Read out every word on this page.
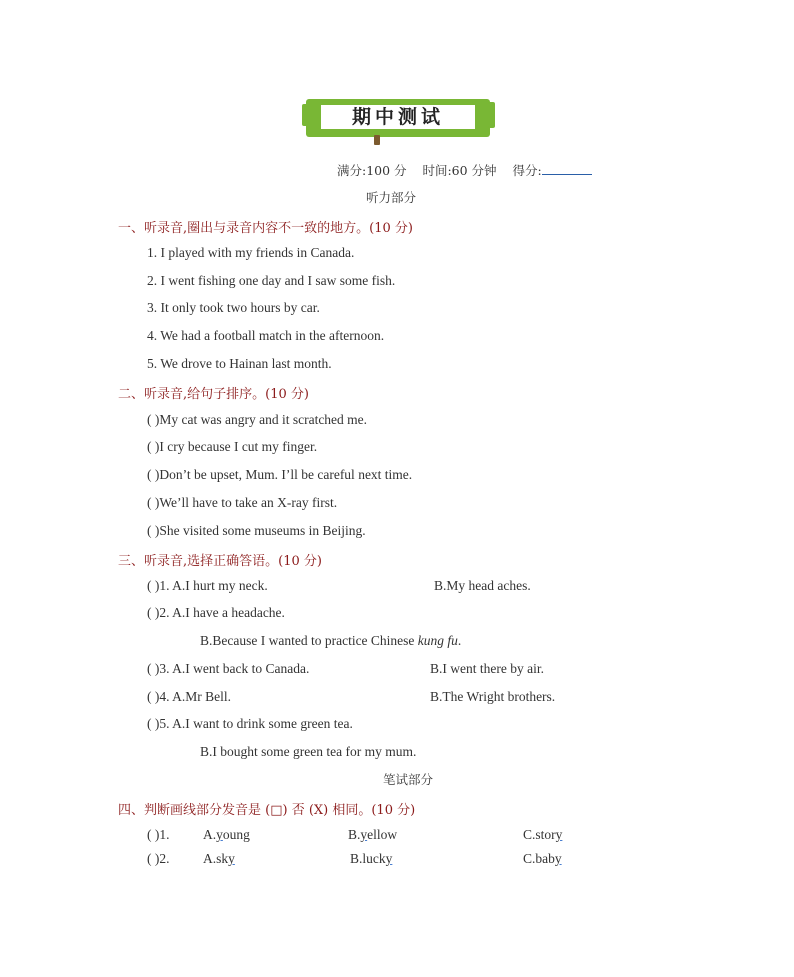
期中测试
满分:100 分 时间:60 分钟 得分:
听力部分
一、听录音,圈出与录音内容不一致的地方。(10 分)
1. I played with my friends in Canada.
2. I went fishing one day and I saw some fish.
3. It only took two hours by car.
4. We had a football match in the afternoon.
5. We drove to Hainan last month.
二、听录音,给句子排序。(10 分)
( )My cat was angry and it scratched me.
( )I cry because I cut my finger.
( )Don’t be upset, Mum. I’ll be careful next time.
( )We’ll have to take an X-ray first.
( )She visited some museums in Beijing.
三、听录音,选择正确答语。(10 分)
( )1. A.I hurt my neck.	B.My head aches.
( )2. A.I have a headache.
B.Because I wanted to practice Chinese kung fu.
( )3. A.I went back to Canada.	B.I went there by air.
( )4. A.Mr Bell.	B.The Wright brothers.
( )5. A.I want to drink some green tea.
B.I bought some green tea for my mum.
笔试部分
四、判断画线部分发音是 (□) 否 (X) 相同。(10 分)
( )1. A.young	B.yellow	C.story
( )2. A.sky	B.lucky	C.baby
